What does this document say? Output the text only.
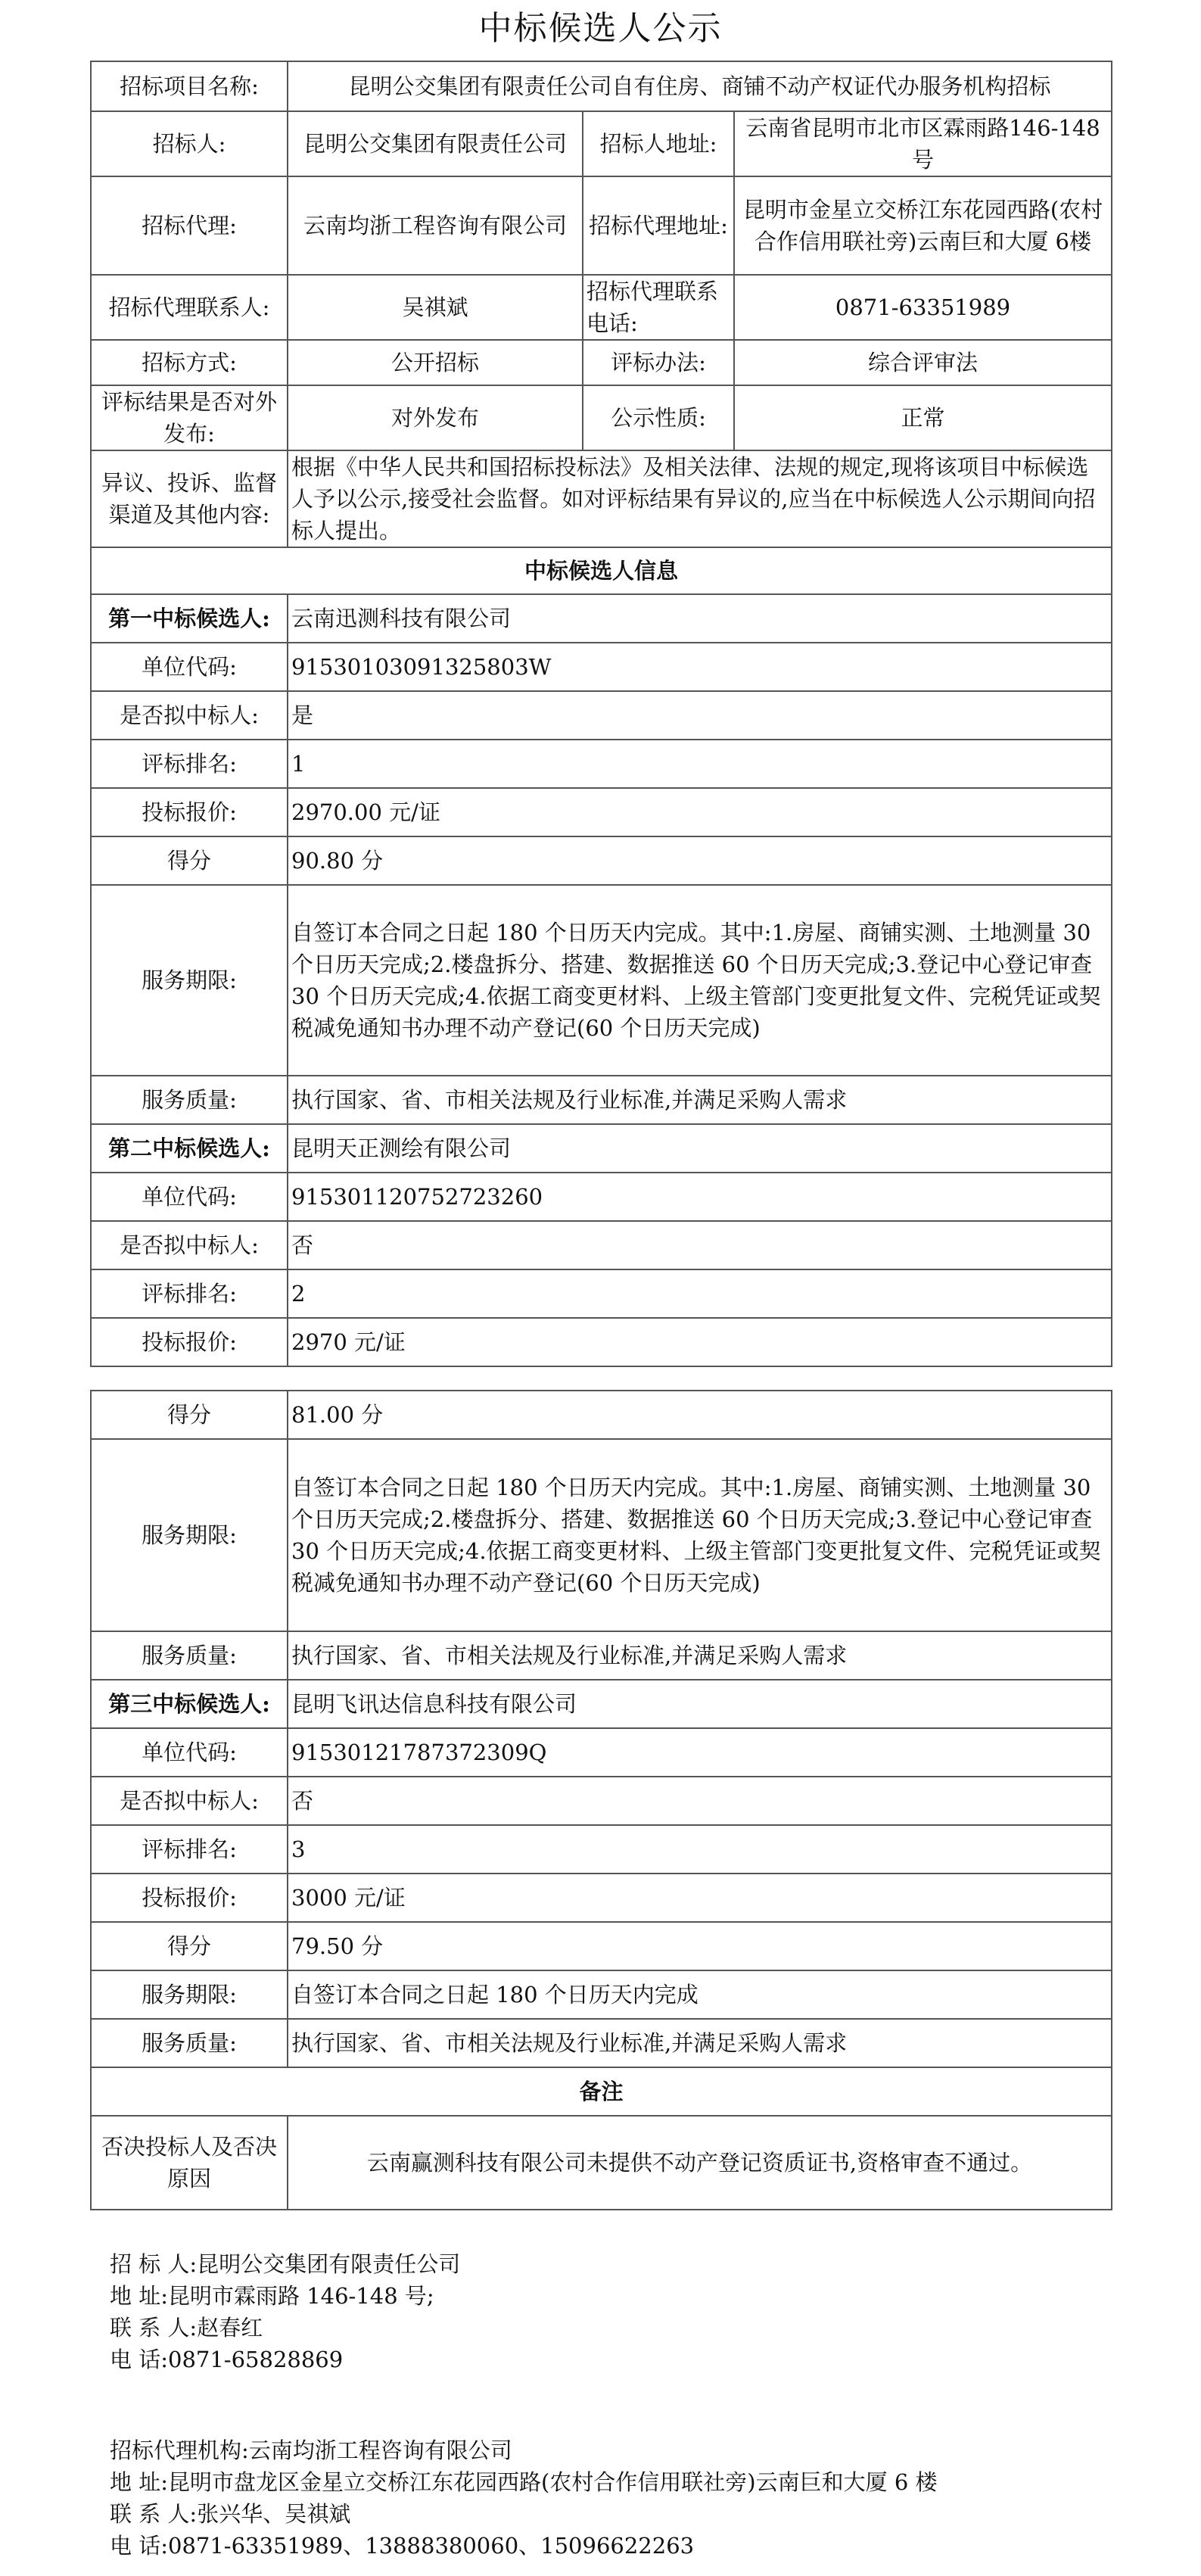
中标候选人公示
招标项目名称:	昆明公交集团有限责任公司自有住房、商铺不动产权证代办服务机构招标		
招标人:	昆明公交集团有限责任公司	招标人地址:	云南省昆明市北市区霖雨路146-148 号
招标代理:	云南均浙工程咨询有限公司	招标代理地址:	昆明市金星立交桥江东花园西路(农村合作信用联社旁)云南巨和大厦 6楼
招标代理联系人:	吴祺斌	招标代理联系电话:	0871-63351989
招标方式:	公开招标	评标办法:	综合评审法
评标结果是否对外发布:	对外发布	公示性质:	正常
异议、投诉、监督渠道及其他内容:	根据《中华人民共和国招标投标法》及相关法律、法规的规定,现将该项目中标候选人予以公示,接受社会监督。如对评标结果有异议的,应当在中标候选人公示期间向招标人提出。		
中标候选人信息			
第一中标候选人:	云南迅测科技有限公司		
单位代码:	91530103091325803W		
是否拟中标人:	是		
评标排名:	1		
投标报价:	2970.00 元/证		
得分	90.80 分		
服务期限:	自签订本合同之日起 180 个日历天内完成。其中:1.房屋、商铺实测、土地测量 30 个日历天完成;2.楼盘拆分、搭建、数据推送 60 个日历天完成;3.登记中心登记审查 30 个日历天完成;4.依据工商变更材料、上级主管部门变更批复文件、完税凭证或契税减免通知书办理不动产登记(60 个日历天完成)		
服务质量:	执行国家、省、市相关法规及行业标准,并满足采购人需求		
第二中标候选人:	昆明天正测绘有限公司		
单位代码:	915301120752723260		
是否拟中标人:	否		
评标排名:	2		
投标报价:	2970 元/证		
得分	81.00 分
服务期限:	自签订本合同之日起 180 个日历天内完成。其中:1.房屋、商铺实测、土地测量 30 个日历天完成;2.楼盘拆分、搭建、数据推送 60 个日历天完成;3.登记中心登记审查 30 个日历天完成;4.依据工商变更材料、上级主管部门变更批复文件、完税凭证或契税减免通知书办理不动产登记(60 个日历天完成)
服务质量:	执行国家、省、市相关法规及行业标准,并满足采购人需求
第三中标候选人:	昆明飞讯达信息科技有限公司
单位代码:	91530121787372309Q
是否拟中标人:	否
评标排名:	3
投标报价:	3000 元/证
得分	79.50 分
服务期限:	自签订本合同之日起 180 个日历天内完成
服务质量:	执行国家、省、市相关法规及行业标准,并满足采购人需求
备注	
否决投标人及否决原因	云南赢测科技有限公司未提供不动产登记资质证书,资格审查不通过。
招 标 人:昆明公交集团有限责任公司
地 址:昆明市霖雨路 146-148 号;
联 系 人:赵春红
电 话:0871-65828869
招标代理机构:云南均浙工程咨询有限公司
地 址:昆明市盘龙区金星立交桥江东花园西路(农村合作信用联社旁)云南巨和大厦 6 楼
联 系 人:张兴华、吴祺斌
电 话:0871-63351989、13888380060、15096622263
